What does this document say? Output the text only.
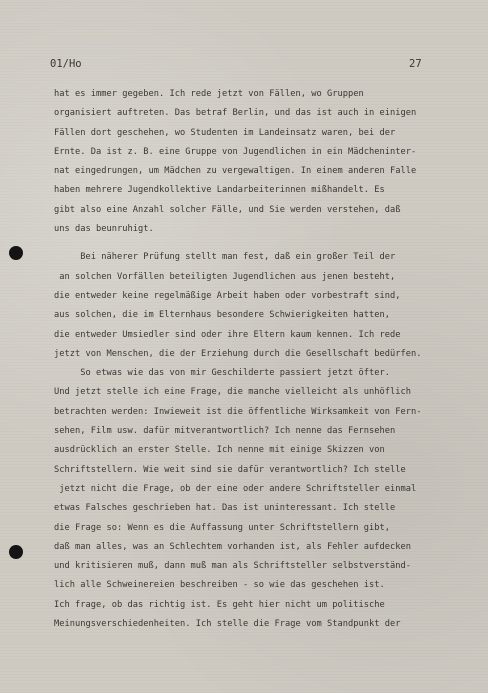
01/Ho	27
hat es immer gegeben. Ich rede jetzt von Fällen, wo Gruppen
organisiert auftreten. Das betraf Berlin, und das ist auch in einigen
Fällen dort geschehen, wo Studenten im Landeinsatz waren, bei der
Ernte. Da ist z. B. eine Gruppe von Jugendlichen in ein Mädcheninter-
nat eingedrungen, um Mädchen zu vergewaltigen. In einem anderen Falle
haben mehrere Jugendkollektive Landarbeiterinnen mißhandelt. Es
gibt also eine Anzahl solcher Fälle, und Sie werden verstehen, daß
uns das beunruhigt.
Bei näherer Prüfung stellt man fest, daß ein großer Teil der
an solchen Vorfällen beteiligten Jugendlichen aus jenen besteht,
die entweder keine regelmäßige Arbeit haben oder vorbestraft sind,
aus solchen, die im Elternhaus besondere Schwierigkeiten hatten,
die entweder Umsiedler sind oder ihre Eltern kaum kennen. Ich rede
jetzt von Menschen, die der Erziehung durch die Gesellschaft bedürfen.
So etwas wie das von mir Geschilderte passiert jetzt öfter.
Und jetzt stelle ich eine Frage, die manche vielleicht als unhöflich
betrachten werden: Inwieweit ist die öffentliche Wirksamkeit von Fern-
sehen, Film usw. dafür mitverantwortlich? Ich nenne das Fernsehen
ausdrücklich an erster Stelle. Ich nenne mit einige Skizzen von
Schriftstellern. Wie weit sind sie dafür verantwortlich? Ich stelle
jetzt nicht die Frage, ob der eine oder andere Schriftsteller einmal
etwas Falsches geschrieben hat. Das ist uninteressant. Ich stelle
die Frage so: Wenn es die Auffassung unter Schriftstellern gibt,
daß man alles, was an Schlechtem vorhanden ist, als Fehler aufdecken
und kritisieren muß, dann muß man als Schriftsteller selbstverständ-
lich alle Schweinereien beschreiben - so wie das geschehen ist.
Ich frage, ob das richtig ist. Es geht hier nicht um politische
Meinungsverschiedenheiten. Ich stelle die Frage vom Standpunkt der
